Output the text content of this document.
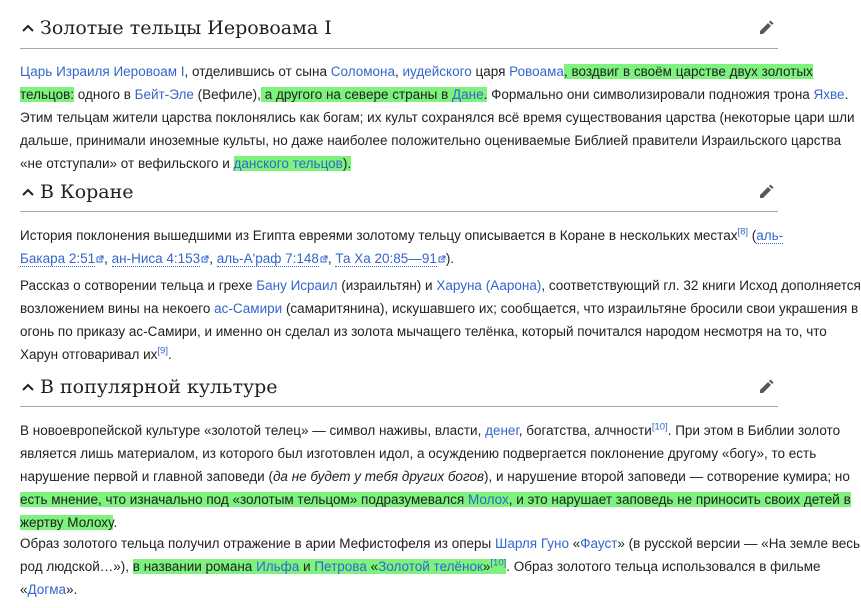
Золотые тельцы Иеровоама I
Царь Израиля Иеровоам I, отделившись от сына Соломона, иудейского царя Ровоама, воздвиг в своём царстве двух золотых
тельцов: одного в Бейт-Эле (Вефиле), а другого на севере страны в Дане. Формально они символизировали подножия трона Яхве.
Этим тельцам жители царства поклонялись как богам; их культ сохранялся всё время существования царства (некоторые цари шли
дальше, принимали иноземные культы, но даже наиболее положительно оцениваемые Библией правители Израильского царства
«не отступали» от вефильского и данского тельцов).
В Коране
История поклонения вышедшими из Египта евреями золотому тельцу описывается в Коране в нескольких местах[8] (аль-
Бакара 2:51 , ан-Ниса 4:153 , аль-А'раф 7:148 , Та Ха 20:85—91 ).
Рассказ о сотворении тельца и грехе Бану Исраил (израильтян) и Харуна (Аарона), соответствующий гл. 32 книги Исход дополняется
возложением вины на некоего ас-Самири (самаритянина), искушавшего их; сообщается, что израильтяне бросили свои украшения в
огонь по приказу ас-Самири, и именно он сделал из золота мычащего телёнка, который почитался народом несмотря на то, что
Харун отговаривал их[9].
В популярной культуре
В новоевропейской культуре «золотой телец» — символ наживы, власти, денег, богатства, алчности[10]. При этом в Библии золото
является лишь материалом, из которого был изготовлен идол, а осуждению подвергается поклонение другому «богу», то есть
нарушение первой и главной заповеди (да не будет у тебя других богов), и нарушение второй заповеди — сотворение кумира; но
есть мнение, что изначально под «золотым тельцом» подразумевался Молох, и это нарушает заповедь не приносить своих детей в
жертву Молоху.
Образ золотого тельца получил отражение в арии Мефистофеля из оперы Шарля Гуно «Фауст» (в русской версии — «На земле весь
род людской…»), в названии романа Ильфа и Петрова «Золотой телёнок»[10]. Образ золотого тельца использовался в фильме
«Догма».
